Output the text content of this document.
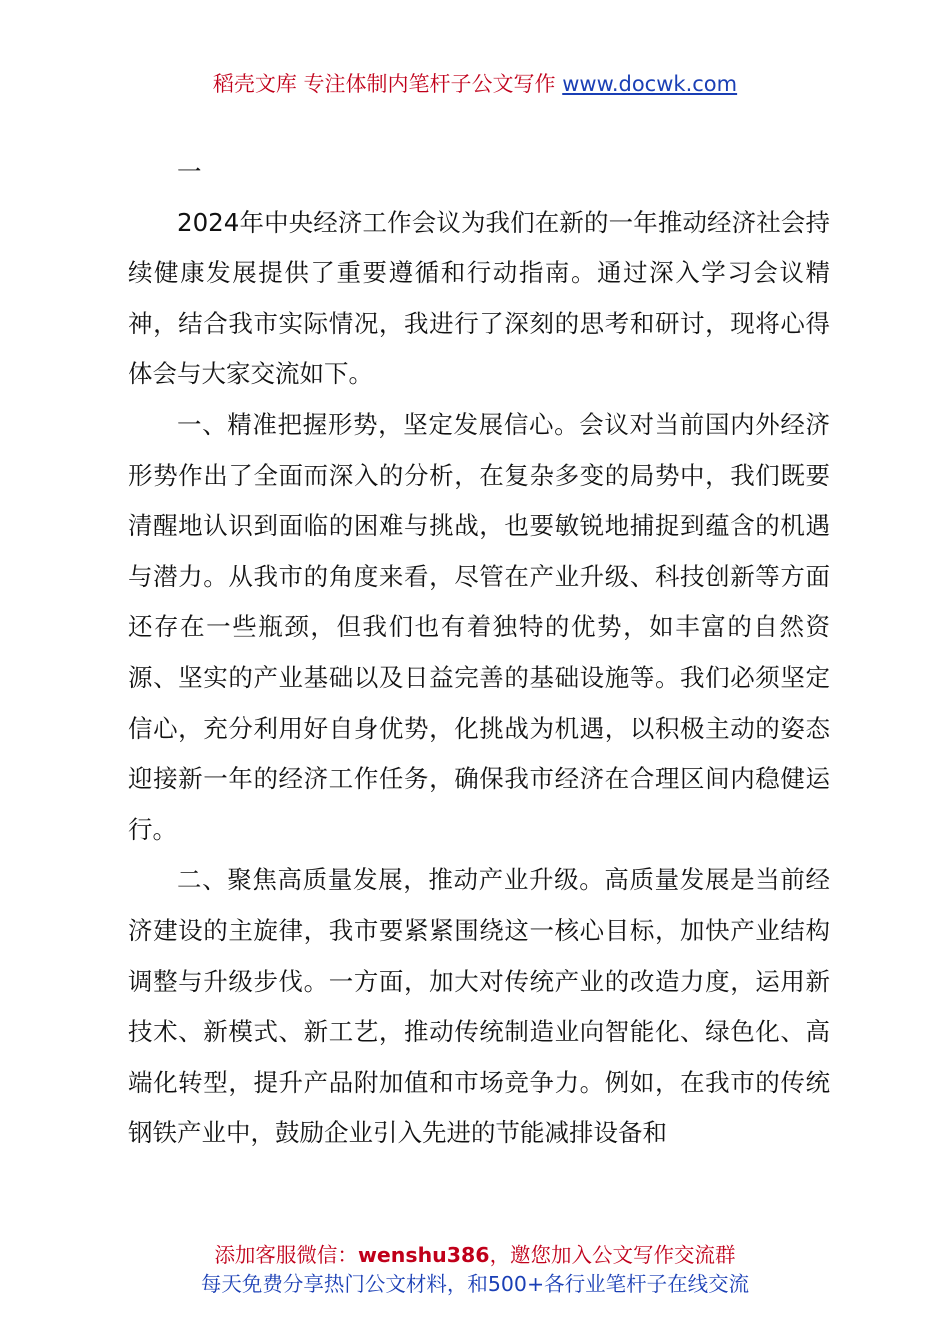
稻壳文库 专注体制内笔杆子公文写作 www.docwk.com

一

2024年中央经济工作会议为我们在新的一年推动经济社会持续健康发展提供了重要遵循和行动指南。通过深入学习会议精神，结合我市实际情况，我进行了深刻的思考和研讨，现将心得体会与大家交流如下。

一、精准把握形势，坚定发展信心。会议对当前国内外经济形势作出了全面而深入的分析，在复杂多变的局势中，我们既要清醒地认识到面临的困难与挑战，也要敏锐地捕捉到蕴含的机遇与潜力。从我市的角度来看，尽管在产业升级、科技创新等方面还存在一些瓶颈，但我们也有着独特的优势，如丰富的自然资源、坚实的产业基础以及日益完善的基础设施等。我们必须坚定信心，充分利用好自身优势，化挑战为机遇，以积极主动的姿态迎接新一年的经济工作任务，确保我市经济在合理区间内稳健运行。

二、聚焦高质量发展，推动产业升级。高质量发展是当前经济建设的主旋律，我市要紧紧围绕这一核心目标，加快产业结构调整与升级步伐。一方面，加大对传统产业的改造力度，运用新技术、新模式、新工艺，推动传统制造业向智能化、绿色化、高端化转型，提升产品附加值和市场竞争力。例如，在我市的传统钢铁产业中，鼓励企业引入先进的节能减排设备和

添加客服微信：wenshu386，邀您加入公文写作交流群
每天免费分享热门公文材料，和500+各行业笔杆子在线交流
